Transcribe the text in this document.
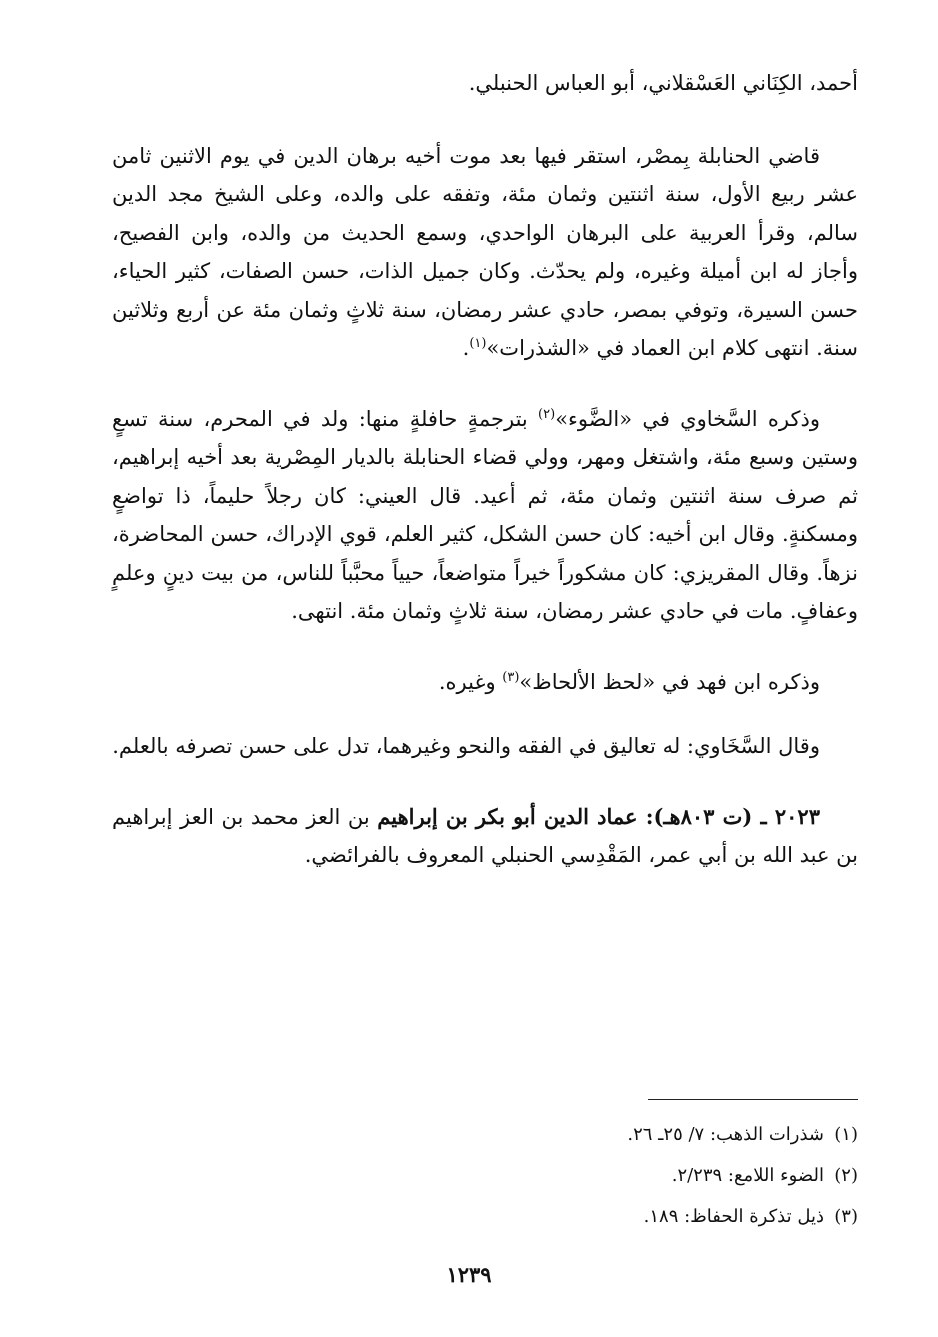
أحمد، الكِنَاني العَسْقلاني، أبو العباس الحنبلي.

قاضي الحنابلة بِمصْر، استقر فيها بعد موت أخيه برهان الدين في يوم الاثنين ثامن عشر ربيع الأول، سنة اثنتين وثمان مئة، وتفقه على والده، وعلى الشيخ مجد الدين سالم، وقرأ العربية على البرهان الواحدي، وسمع الحديث من والده، وابن الفصيح، وأجاز له ابن أميلة وغيره، ولم يحدّث. وكان جميل الذات، حسن الصفات، كثير الحياء، حسن السيرة، وتوفي بمصر، حادي عشر رمضان، سنة ثلاثٍ وثمان مئة عن أربع وثلاثين سنة. انتهى كلام ابن العماد في «الشذرات»$^{(١)}$.

وذكره السَّخاوي في «الضَّوء»$^{(٢)}$ بترجمةٍ حافلةٍ منها: ولد في المحرم، سنة تسعٍ وستين وسبع مئة، واشتغل ومهر، وولي قضاء الحنابلة بالديار المِصْرية بعد أخيه إبراهيم، ثم صرف سنة اثنتين وثمان مئة، ثم أعيد. قال العيني: كان رجلاً حليماً، ذا تواضعٍ ومسكنةٍ. وقال ابن أخيه: كان حسن الشكل، كثير العلم، قوي الإدراك، حسن المحاضرة، نزهاً. وقال المقريزي: كان مشكوراً خيراً متواضعاً، حيياً محبَّباً للناس، من بيت دينٍ وعلمٍ وعفافٍ. مات في حادي عشر رمضان، سنة ثلاثٍ وثمان مئة. انتهى.

وذكره ابن فهد في «لحظ الألحاظ»$^{(٣)}$ وغيره.

وقال السَّخَاوي: له تعاليق في الفقه والنحو وغيرهما، تدل على حسن تصرفه بالعلم.

٢٠٢٣ ـ (ت ٨٠٣هـ): عماد الدين أبو بكر بن إبراهيم بن العز محمد بن العز إبراهيم بن عبد الله بن أبي عمر، المَقْدِسي الحنبلي المعروف بالفرائضي.

(١)شذرات الذهب: ٧/ ٢٥ـ ٢٦.

(٢)الضوء اللامع: ٢/٢٣٩.

(٣)ذيل تذكرة الحفاظ: ١٨٩.

١٢٣٩
